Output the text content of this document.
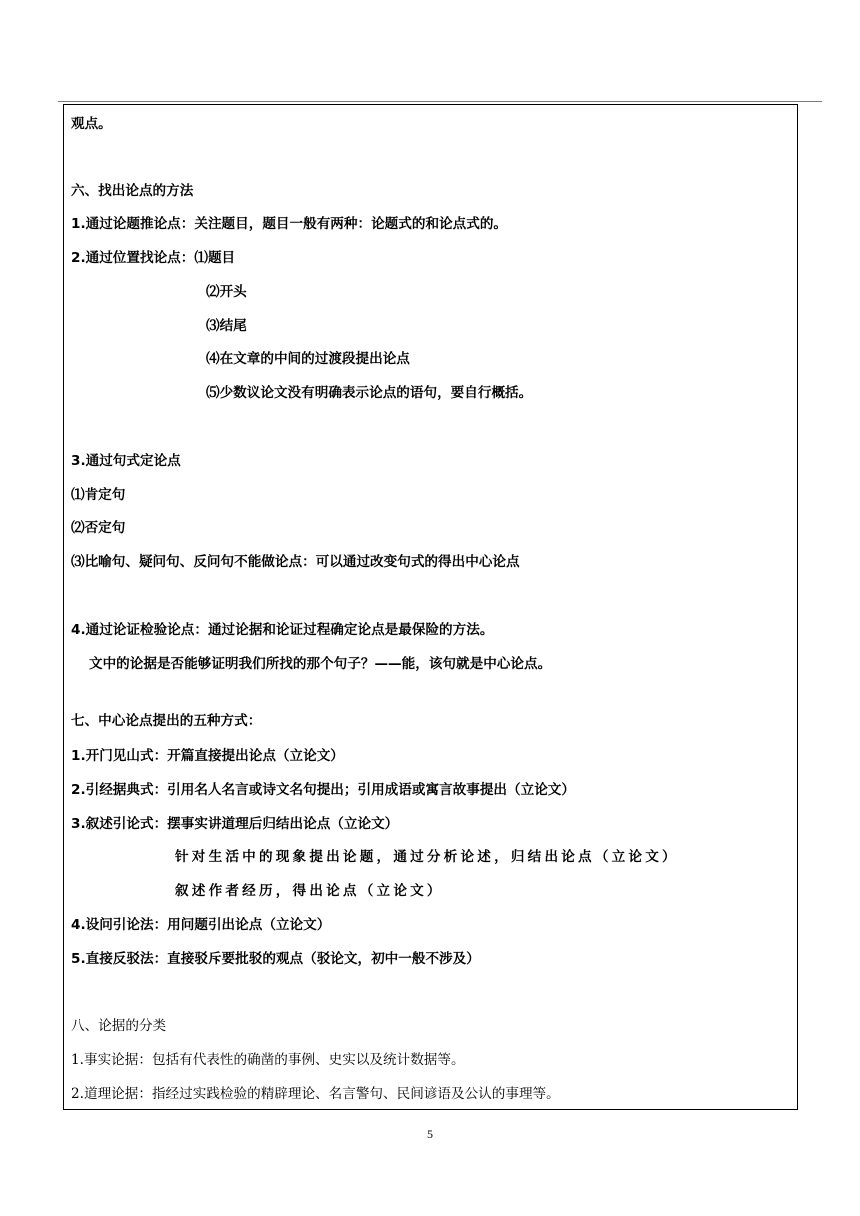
观点。
六、找出论点的方法
1.通过论题推论点：关注题目，题目一般有两种：论题式的和论点式的。
2.通过位置找论点：⑴题目
⑵开头
⑶结尾
⑷在文章的中间的过渡段提出论点
⑸少数议论文没有明确表示论点的语句，要自行概括。
3.通过句式定论点
⑴肯定句
⑵否定句
⑶比喻句、疑问句、反问句不能做论点：可以通过改变句式的得出中心论点
4.通过论证检验论点：通过论据和论证过程确定论点是最保险的方法。
文中的论据是否能够证明我们所找的那个句子？——能，该句就是中心论点。
七、中心论点提出的五种方式：
1.开门见山式：开篇直接提出论点（立论文）
2.引经据典式：引用名人名言或诗文名句提出；引用成语或寓言故事提出（立论文）
3.叙述引论式：摆事实讲道理后归结出论点（立论文）
针对生活中的现象提出论题，通过分析论述，归结出论点（立论文）
叙述作者经历，得出论点（立论文）
4.设问引论法：用问题引出论点（立论文）
5.直接反驳法：直接驳斥要批驳的观点（驳论文，初中一般不涉及）
八、论据的分类
1.事实论据：包括有代表性的确凿的事例、史实以及统计数据等。
2.道理论据：指经过实践检验的精辟理论、名言警句、民间谚语及公认的事理等。
5
